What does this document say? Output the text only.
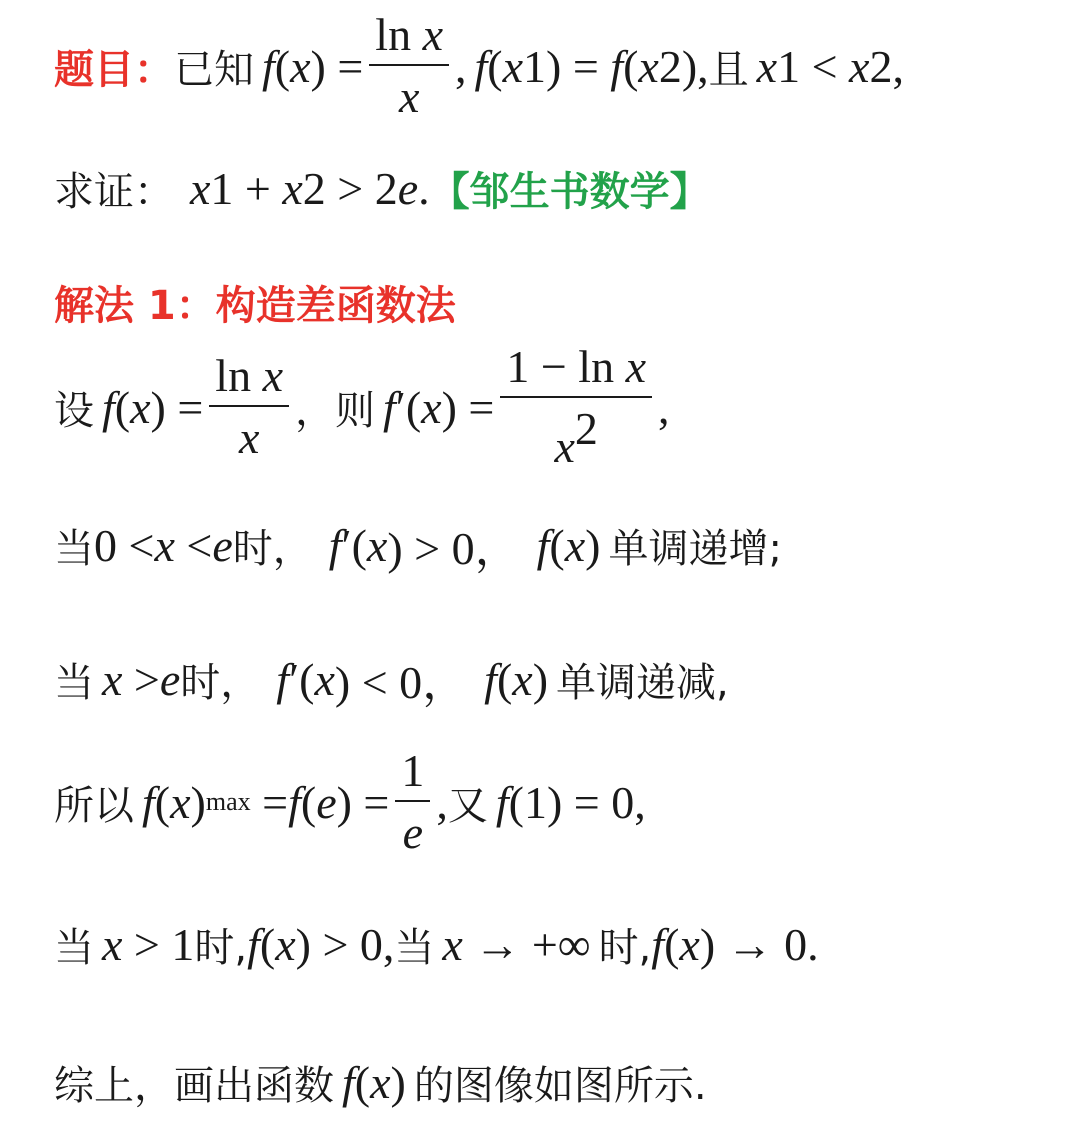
题目： 已知 f ( x ) = $\frac{\text{ln x}}{x}$ , f ( x 1 ) = f ( x 2 ), 且 x 1 < x 2 ,
求证： x 1 + x 2 > 2 e . 【邹生书数学】
解法 1：构造差函数法
设 f ( x ) = $\frac{\text{ln x}}{x}$ ，则 f ′( x ) = $\frac{\text{1 − ln x}}{x^2}$ ,
当 0 < x < e 时， f ′( x ) > 0， f ( x ) 单调递增;
当 x > e 时， f ′( x ) < 0， f ( x ) 单调递减,
所以 f ( x ) max = f ( e ) = $\frac{1}{e}$ , 又 f (1) = 0,
当 x > 1 时, f ( x ) > 0, 当 x → +∞ 时, f ( x ) → 0.
综上，画出函数 f ( x ) 的图像如图所示.
